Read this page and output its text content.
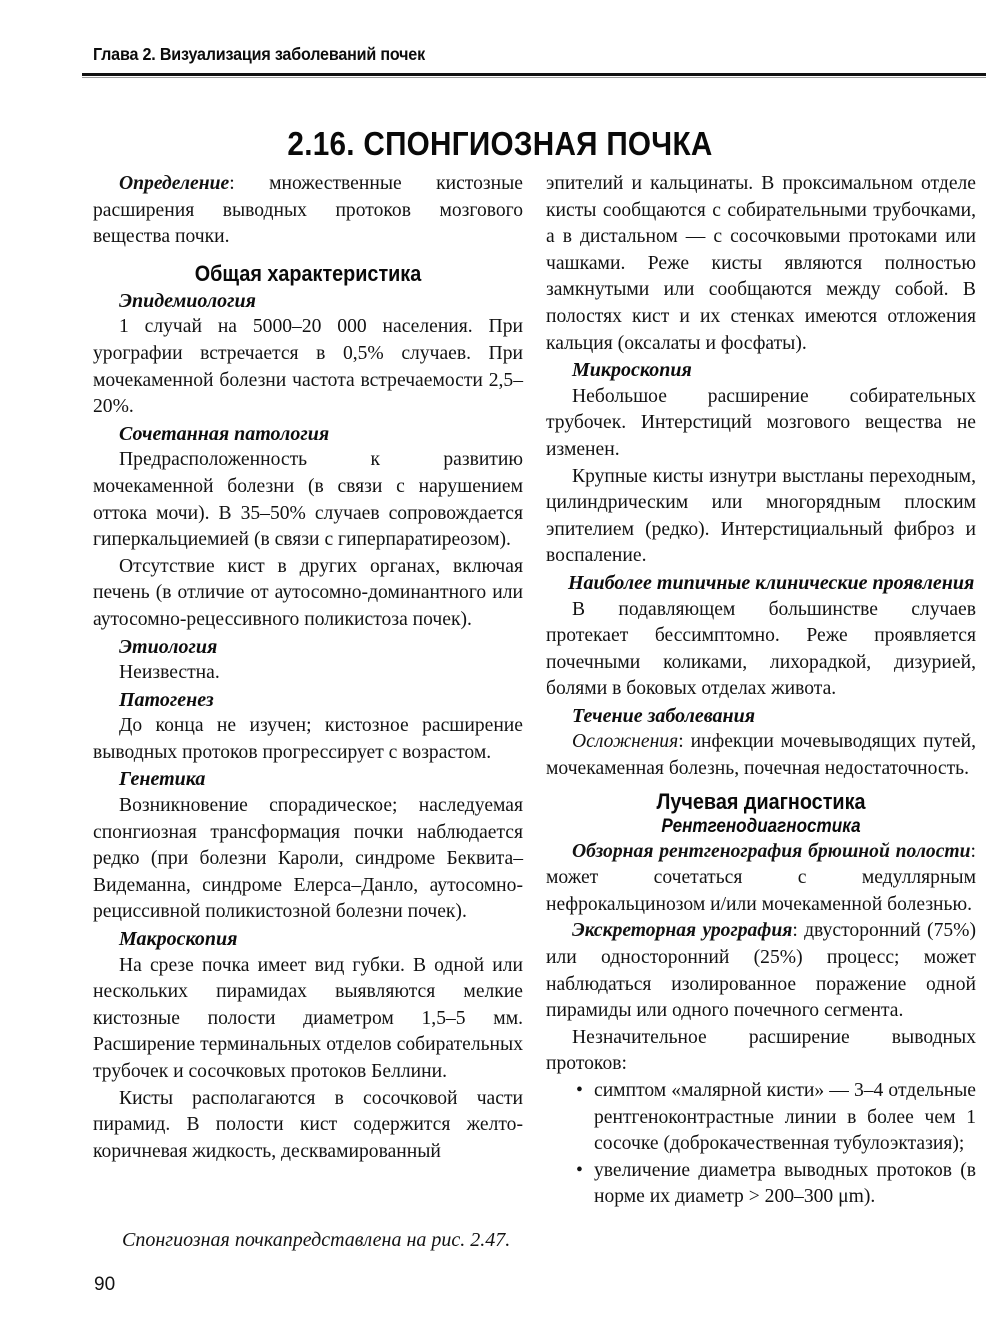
Глава 2. Визуализация заболеваний почек
2.16. СПОНГИОЗНАЯ ПОЧКА

Определение: множественные кистозные расширения выводных протоков мозгового вещества почки.

Общая характеристика
Эпидемиология

1 случай на 5000–20 000 населения. При урографии встречается в 0,5% случаев. При мочекаменной болезни частота встречаемости 2,5–20%.

Сочетанная патология

Предрасположенность к развитию мочекаменной болезни (в связи с нарушением оттока мочи). В 35–50% случаев сопровождается гиперкальциемией (в связи с гиперпаратиреозом).

Отсутствие кист в других органах, включая печень (в отличие от аутосомно-доминантного или аутосомно-рецессивного поликистоза почек).

Этиология

Неизвестна.

Патогенез

До конца не изучен; кистозное расширение выводных протоков прогрессирует с возрастом.

Генетика

Возникновение спорадическое; наследуемая спонгиозная трансформация почки наблюдается редко (при болезни Кароли, синдроме Беквита–Видеманна, синдроме Елерса–Данло, аутосомно-рециссивной поликистозной болезни почек).

Макроскопия

На срезе почка имеет вид губки. В одной или нескольких пирамидах выявляются мелкие кистозные полости диаметром 1,5–5 мм. Расширение терминальных отделов собирательных трубочек и сосочковых протоков Беллини.

Кисты располагаются в сосочковой части пирамид. В полости кист содержится желто-коричневая жидкость, десквамированный

эпителий и кальцинаты. В проксимальном отделе кисты сообщаются с собирательными трубочками, а в дистальном — с сосочковыми протоками или чашками. Реже кисты являются полностью замкнутыми или сообщаются между собой. В полостях кист и их стенках имеются отложения кальция (оксалаты и фосфаты).

Микроскопия

Небольшое расширение собирательных трубочек. Интерстиций мозгового вещества не изменен.

Крупные кисты изнутри выстланы переходным, цилиндрическим или многорядным плоским эпителием (редко). Интерстициальный фиброз и воспаление.

Наиболее типичные клинические проявления

В подавляющем большинстве случаев протекает бессимптомно. Реже проявляется почечными коликами, лихорадкой, дизурией, болями в боковых отделах живота.

Течение заболевания

Осложнения: инфекции мочевыводящих путей, мочекаменная болезнь, почечная недостаточность.

Лучевая диагностика
Рентгенодиагностика

Обзорная рентгенография брюшной полости: может сочетаться с медуллярным нефрокальцинозом и/или мочекаменной болезнью.

Экскреторная урография: двусторонний (75%) или односторонний (25%) процесс; может наблюдаться изолированное поражение одной пирамиды или одного почечного сегмента.

Незначительное расширение выводных протоков:

• симптом «малярной кисти» — 3–4 отдельные рентгеноконтрастные линии в более чем 1 сосочке (доброкачественная тубулоэктазия);
• увеличение диаметра выводных протоков (в норме их диаметр > 200–300 μm).
Спонгиозная почкапредставлена на рис. 2.47.
90
